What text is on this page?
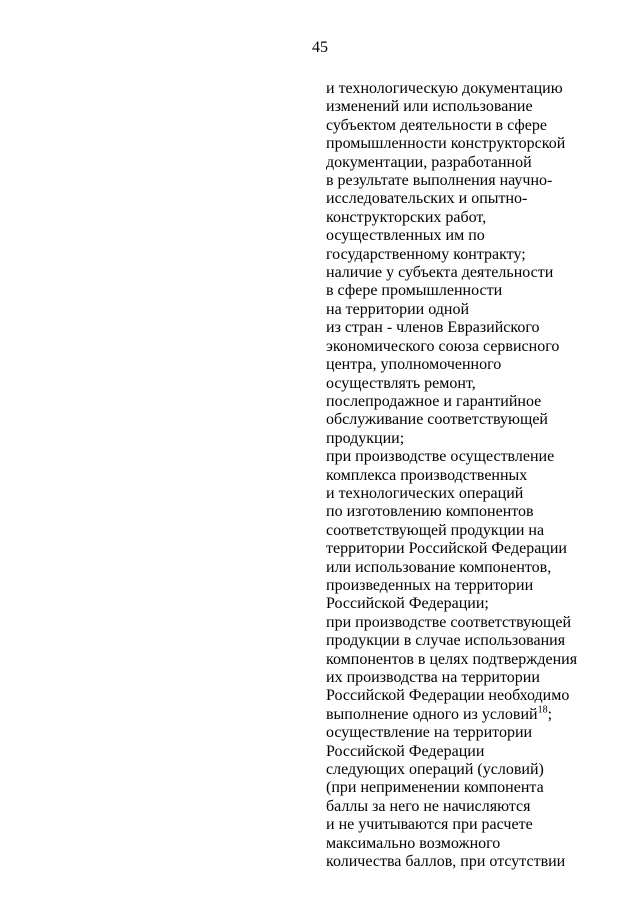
45
и технологическую документацию
изменений или использование
субъектом деятельности в сфере
промышленности конструкторской
документации, разработанной
в результате выполнения научно-
исследовательских и опытно-
конструкторских работ,
осуществленных им по
государственному контракту;
наличие у субъекта деятельности
в сфере промышленности
на территории одной
из стран - членов Евразийского
экономического союза сервисного
центра, уполномоченного
осуществлять ремонт,
послепродажное и гарантийное
обслуживание соответствующей
продукции;
при производстве осуществление
комплекса производственных
и технологических операций
по изготовлению компонентов
соответствующей продукции на
территории Российской Федерации
или использование компонентов,
произведенных на территории
Российской Федерации;
при производстве соответствующей
продукции в случае использования
компонентов в целях подтверждения
их производства на территории
Российской Федерации необходимо
выполнение одного из условий$^{18}$;
осуществление на территории
Российской Федерации
следующих операций (условий)
(при неприменении компонента
баллы за него не начисляются
и не учитываются при расчете
максимально возможного
количества баллов, при отсутствии
